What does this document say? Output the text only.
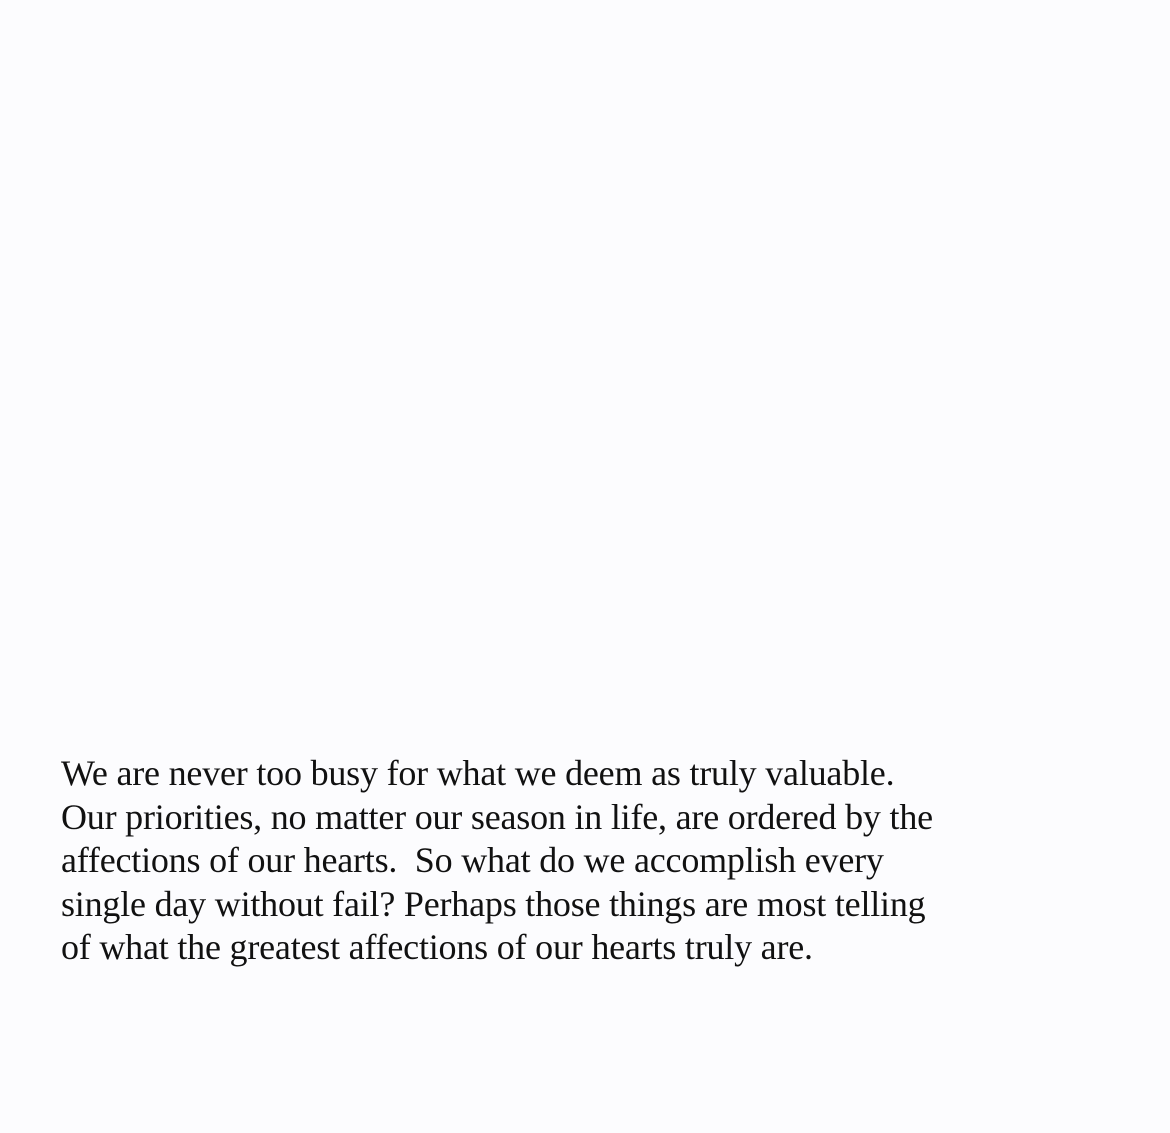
We are never too busy for what we deem as truly valuable.
Our priorities, no matter our season in life, are ordered by the
affections of our hearts.  So what do we accomplish every
single day without fail? Perhaps those things are most telling
of what the greatest affections of our hearts truly are.
